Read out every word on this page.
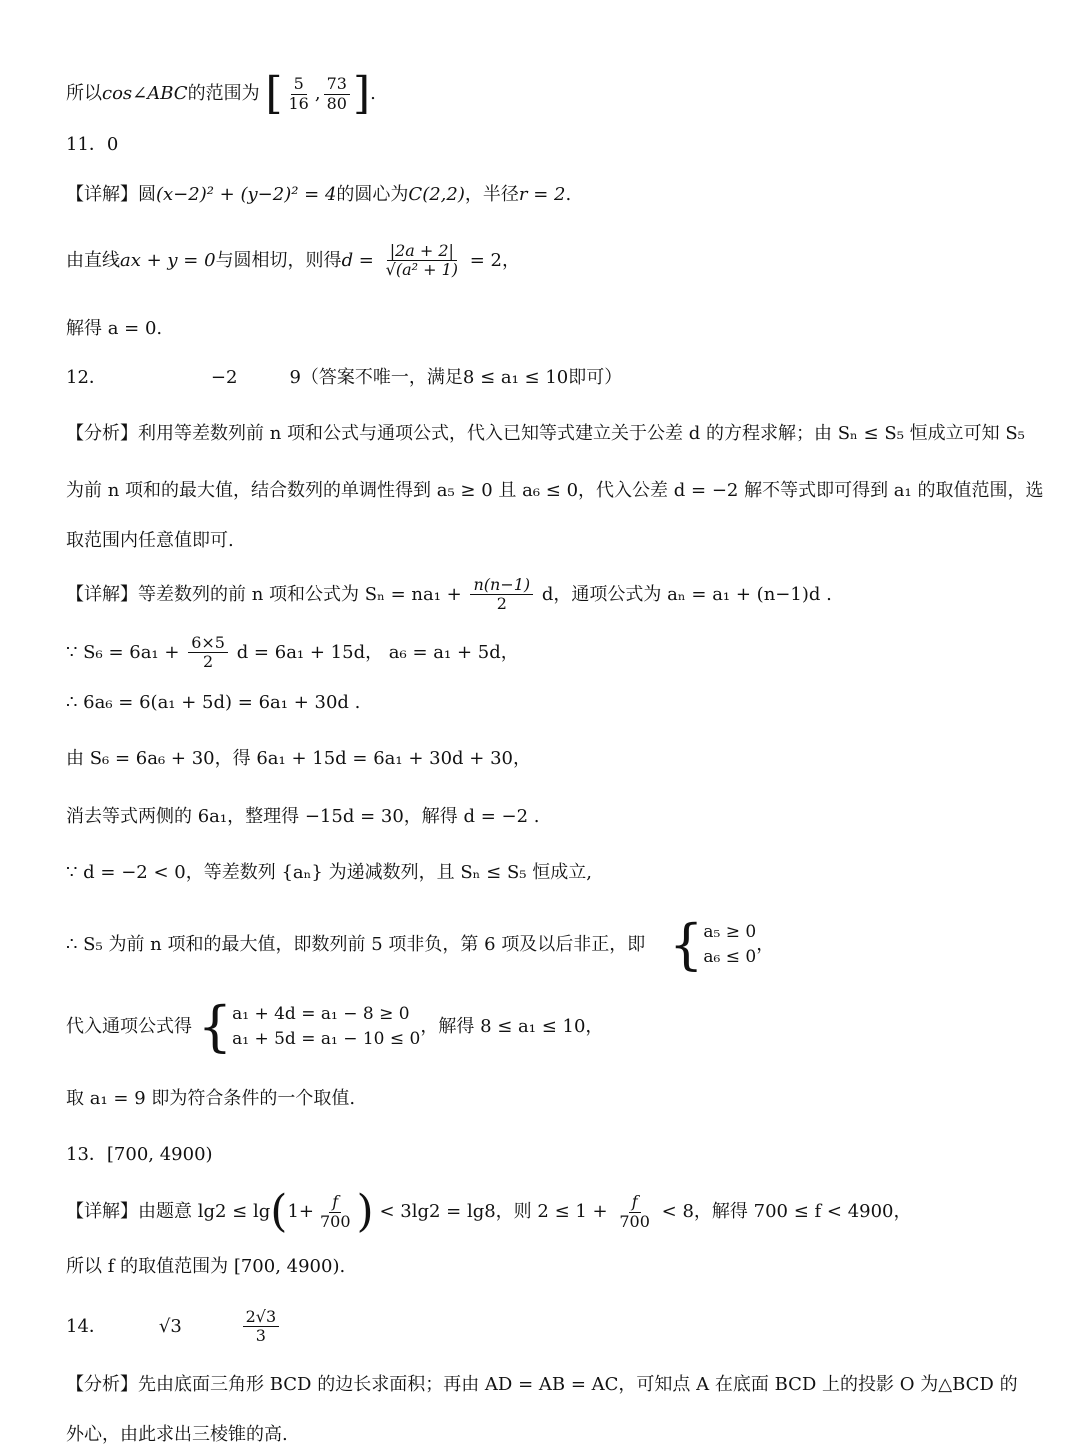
所以cos∠ABC的范围为 [ $\frac{5}{16}$ , $\frac{73}{80}$ ].
11．0
【详解】圆(x−2)² + (y−2)² = 4的圆心为C(2,2)，半径r = 2.
由直线ax + y = 0与圆相切，则得$d = \frac{|2a + 2|}{\text{√(a² + 1)}} = 2$，
解得 a = 0.
12．	−2	9（答案不唯一，满足8 ≤ a₁ ≤ 10即可）
【分析】利用等差数列前 n 项和公式与通项公式，代入已知等式建立关于公差 d 的方程求解；由 Sₙ ≤ S₅ 恒成立可知 S₅
为前 n 项和的最大值，结合数列的单调性得到 a₅ ≥ 0 且 a₆ ≤ 0，代入公差 d = −2 解不等式即可得到 a₁ 的取值范围，选
取范围内任意值即可.
【详解】等差数列的前 n 项和公式为 $S_n = na_1 + \frac{n(n-1)}{2}$ d，通项公式为 aₙ = a₁ + (n−1)d .
∵ $S_6 = 6a_1 + \frac{6\times 5}{2}$ d = 6a₁ + 15d， a₆ = a₁ + 5d，
∴ 6a₆ = 6(a₁ + 5d) = 6a₁ + 30d .
由 S₆ = 6a₆ + 30，得 6a₁ + 15d = 6a₁ + 30d + 30，
消去等式两侧的 6a₁，整理得 −15d = 30，解得 d = −2 .
∵ d = −2 < 0，等差数列 {aₙ} 为递减数列，且 Sₙ ≤ S₅ 恒成立,
∴ S₅ 为前 n 项和的最大值，即数列前 5 项非负，第 6 项及以后非正，即 { a₅ ≥ 0
a₆ ≤ 0
，
代入通项公式得 { a₁ + 4d = a₁ − 8 ≥ 0
a₁ + 5d = a₁ − 10 ≤ 0
，解得 8 ≤ a₁ ≤ 10，
取 a₁ = 9 即为符合条件的一个取值.
13．[700, 4900)
【详解】由题意 $\lg 2 \le \lg(1+ \frac{f}{700}$ ) < 3lg2 = lg8，则 $2 \le 1 + \frac{f}{700} < 8$，解得 700 ≤ f < 4900，
所以 f 的取值范围为 [700, 4900).
14．	√3	$\frac{2√3}{3}$
【分析】先由底面三角形 BCD 的边长求面积；再由 AD = AB = AC，可知点 A 在底面 BCD 上的投影 O 为△BCD 的
外心，由此求出三棱锥的高.
